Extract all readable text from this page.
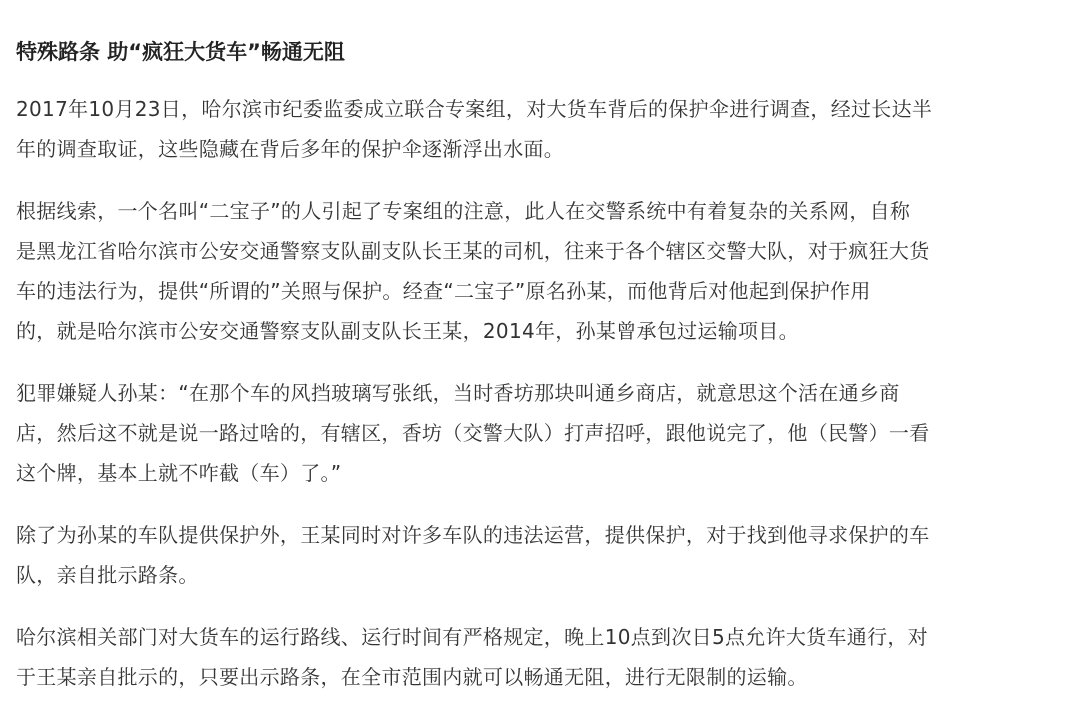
特殊路条 助“疯狂大货车”畅通无阻

2017年10月23日，哈尔滨市纪委监委成立联合专案组，对大货车背后的保护伞进行调查，经过长达半
年的调查取证，这些隐藏在背后多年的保护伞逐渐浮出水面。

根据线索，一个名叫“二宝子”的人引起了专案组的注意，此人在交警系统中有着复杂的关系网，自称
是黑龙江省哈尔滨市公安交通警察支队副支队长王某的司机，往来于各个辖区交警大队，对于疯狂大货
车的违法行为，提供“所谓的”关照与保护。经查“二宝子”原名孙某，而他背后对他起到保护作用
的，就是哈尔滨市公安交通警察支队副支队长王某，2014年，孙某曾承包过运输项目。

犯罪嫌疑人孙某：“在那个车的风挡玻璃写张纸，当时香坊那块叫通乡商店，就意思这个活在通乡商
店，然后这不就是说一路过啥的，有辖区，香坊（交警大队）打声招呼，跟他说完了，他（民警）一看
这个牌，基本上就不咋截（车）了。”

除了为孙某的车队提供保护外，王某同时对许多车队的违法运营，提供保护，对于找到他寻求保护的车
队，亲自批示路条。

哈尔滨相关部门对大货车的运行路线、运行时间有严格规定，晚上10点到次日5点允许大货车通行，对
于王某亲自批示的，只要出示路条，在全市范围内就可以畅通无阻，进行无限制的运输。
